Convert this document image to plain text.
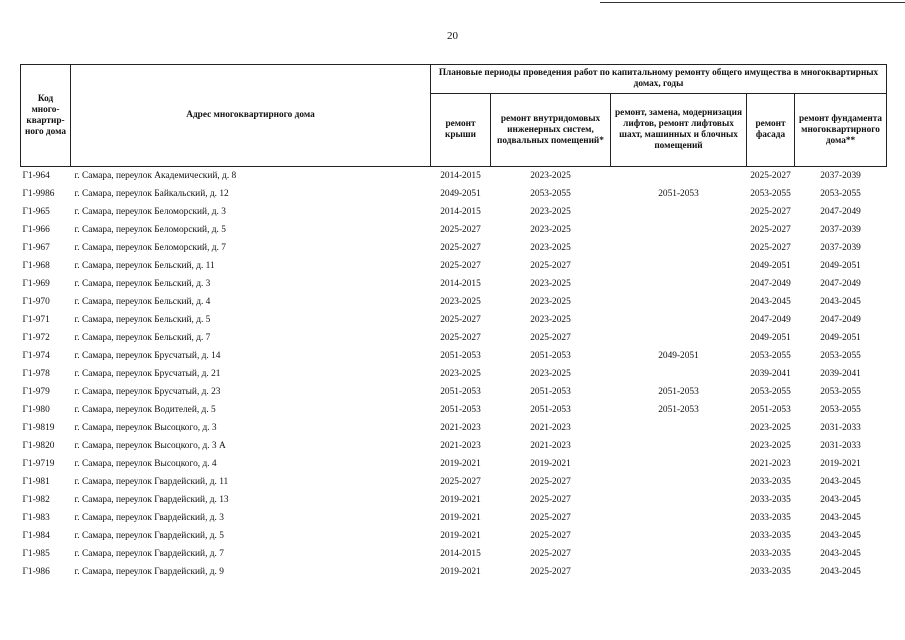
20
Код много-квартир-ного дома	Адрес многоквартирного дома	Плановые периоды проведения работ по капитальному ремонту общего имущества в многоквартирных домах, годы				
		ремонт крыши	ремонт внутридомовых инженерных систем, подвальных помещений*	ремонт, замена, модернизация лифтов, ремонт лифтовых шахт, машинных и блочных помещений	ремонт фасада	ремонт фундамента многоквартирного дома**
Г1-964	г. Самара, переулок Академический, д. 8	2014-2015	2023-2025		2025-2027	2037-2039
Г1-9986	г. Самара, переулок Байкальский, д. 12	2049-2051	2053-2055	2051-2053	2053-2055	2053-2055
Г1-965	г. Самара, переулок Беломорский, д. 3	2014-2015	2023-2025		2025-2027	2047-2049
Г1-966	г. Самара, переулок Беломорский, д. 5	2025-2027	2023-2025		2025-2027	2037-2039
Г1-967	г. Самара, переулок Беломорский, д. 7	2025-2027	2023-2025		2025-2027	2037-2039
Г1-968	г. Самара, переулок Бельский, д. 11	2025-2027	2025-2027		2049-2051	2049-2051
Г1-969	г. Самара, переулок Бельский, д. 3	2014-2015	2023-2025		2047-2049	2047-2049
Г1-970	г. Самара, переулок Бельский, д. 4	2023-2025	2023-2025		2043-2045	2043-2045
Г1-971	г. Самара, переулок Бельский, д. 5	2025-2027	2023-2025		2047-2049	2047-2049
Г1-972	г. Самара, переулок Бельский, д. 7	2025-2027	2025-2027		2049-2051	2049-2051
Г1-974	г. Самара, переулок Брусчатый, д. 14	2051-2053	2051-2053	2049-2051	2053-2055	2053-2055
Г1-978	г. Самара, переулок Брусчатый, д. 21	2023-2025	2023-2025		2039-2041	2039-2041
Г1-979	г. Самара, переулок Брусчатый, д. 23	2051-2053	2051-2053	2051-2053	2053-2055	2053-2055
Г1-980	г. Самара, переулок Водителей, д. 5	2051-2053	2051-2053	2051-2053	2051-2053	2053-2055
Г1-9819	г. Самара, переулок Высоцкого, д. 3	2021-2023	2021-2023		2023-2025	2031-2033
Г1-9820	г. Самара, переулок Высоцкого, д. 3 А	2021-2023	2021-2023		2023-2025	2031-2033
Г1-9719	г. Самара, переулок Высоцкого, д. 4	2019-2021	2019-2021		2021-2023	2019-2021
Г1-981	г. Самара, переулок Гвардейский, д. 11	2025-2027	2025-2027		2033-2035	2043-2045
Г1-982	г. Самара, переулок Гвардейский, д. 13	2019-2021	2025-2027		2033-2035	2043-2045
Г1-983	г. Самара, переулок Гвардейский, д. 3	2019-2021	2025-2027		2033-2035	2043-2045
Г1-984	г. Самара, переулок Гвардейский, д. 5	2019-2021	2025-2027		2033-2035	2043-2045
Г1-985	г. Самара, переулок Гвардейский, д. 7	2014-2015	2025-2027		2033-2035	2043-2045
Г1-986	г. Самара, переулок Гвардейский, д. 9	2019-2021	2025-2027		2033-2035	2043-2045
